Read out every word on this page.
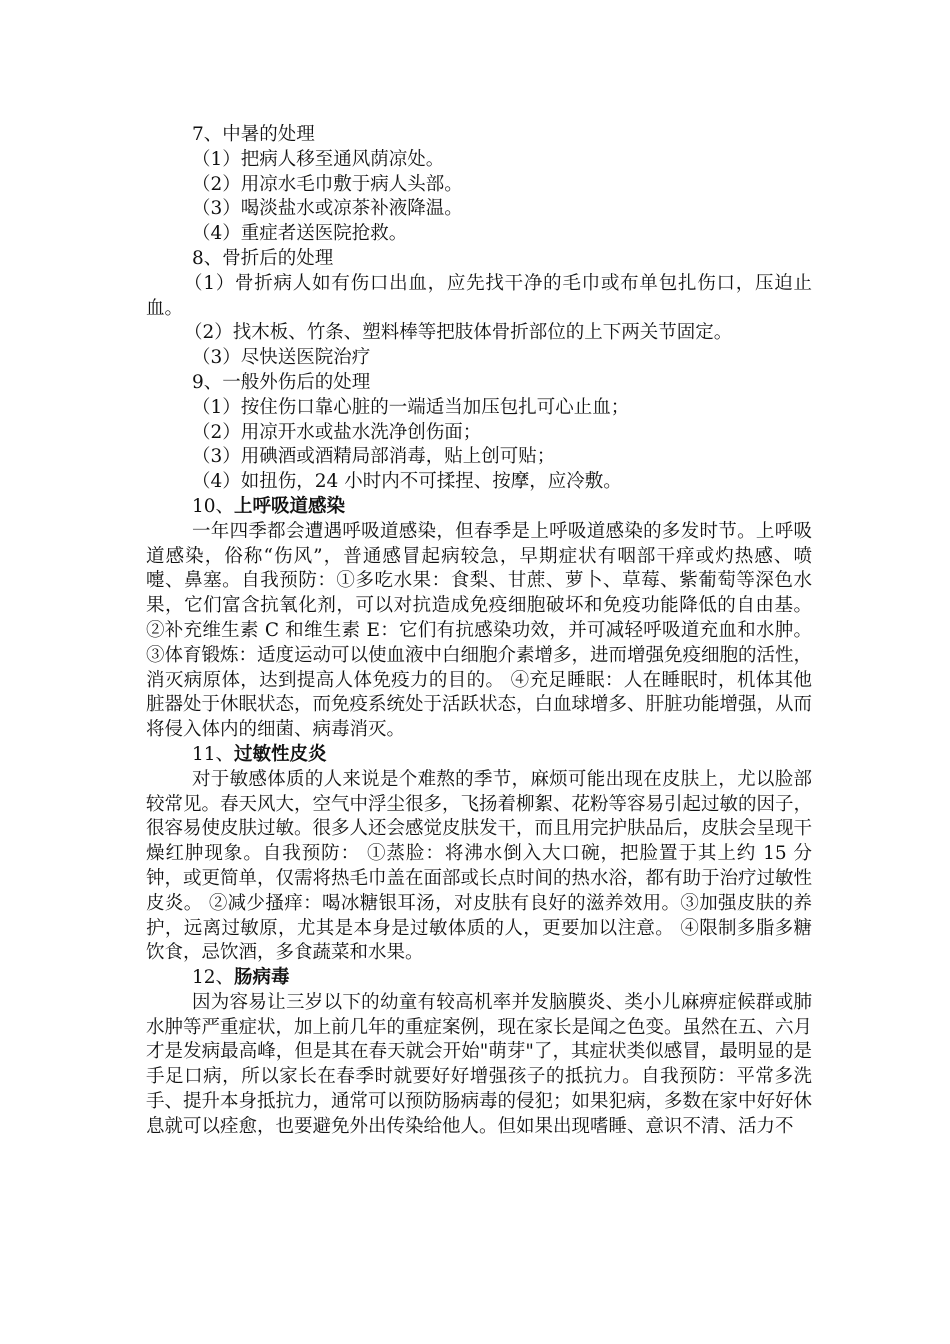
7、中暑的处理

（1）把病人移至通风荫凉处。

（2）用凉水毛巾敷于病人头部。

（3）喝淡盐水或凉茶补液降温。

（4）重症者送医院抢救。

8、骨折后的处理

（1）骨折病人如有伤口出血，应先找干净的毛巾或布单包扎伤口，压迫止血。

（2）找木板、竹条、塑料棒等把肢体骨折部位的上下两关节固定。

（3）尽快送医院治疗

9、一般外伤后的处理

（1）按住伤口靠心脏的一端适当加压包扎可心止血；

（2）用凉开水或盐水洗净创伤面；

（3）用碘酒或酒精局部消毒，贴上创可贴；

（4）如扭伤，24 小时内不可揉捏、按摩，应冷敷。

10、上呼吸道感染

一年四季都会遭遇呼吸道感染，但春季是上呼吸道感染的多发时节。上呼吸道感染，俗称“伤风”，普通感冒起病较急，早期症状有咽部干痒或灼热感、喷嚏、鼻塞。自我预防：①多吃水果：食梨、甘蔗、萝卜、草莓、紫葡萄等深色水果，它们富含抗氧化剂，可以对抗造成免疫细胞破坏和免疫功能降低的自由基。 ②补充维生素 C 和维生素 E：它们有抗感染功效，并可减轻呼吸道充血和水肿。 ③体育锻炼：适度运动可以使血液中白细胞介素增多，进而增强免疫细胞的活性，消灭病原体，达到提高人体免疫力的目的。 ④充足睡眠：人在睡眠时，机体其他脏器处于休眠状态，而免疫系统处于活跃状态，白血球增多、肝脏功能增强，从而将侵入体内的细菌、病毒消灭。

11、过敏性皮炎

对于敏感体质的人来说是个难熬的季节，麻烦可能出现在皮肤上，尤以脸部较常见。春天风大，空气中浮尘很多，飞扬着柳絮、花粉等容易引起过敏的因子，很容易使皮肤过敏。很多人还会感觉皮肤发干，而且用完护肤品后，皮肤会呈现干燥红肿现象。自我预防： ①蒸脸：将沸水倒入大口碗，把脸置于其上约 15 分钟，或更简单，仅需将热毛巾盖在面部或长点时间的热水浴，都有助于治疗过敏性皮炎。 ②减少搔痒：喝冰糖银耳汤，对皮肤有良好的滋养效用。③加强皮肤的养护，远离过敏原，尤其是本身是过敏体质的人，更要加以注意。 ④限制多脂多糖饮食，忌饮酒，多食蔬菜和水果。

12、肠病毒

因为容易让三岁以下的幼童有较高机率并发脑膜炎、类小儿麻痹症候群或肺水肿等严重症状，加上前几年的重症案例，现在家长是闻之色变。虽然在五、六月才是发病最高峰，但是其在春天就会开始"萌芽"了，其症状类似感冒，最明显的是手足口病，所以家长在春季时就要好好增强孩子的抵抗力。自我预防：平常多洗手、提升本身抵抗力，通常可以预防肠病毒的侵犯；如果犯病，多数在家中好好休息就可以痊愈，也要避免外出传染给他人。但如果出现嗜睡、意识不清、活力不
